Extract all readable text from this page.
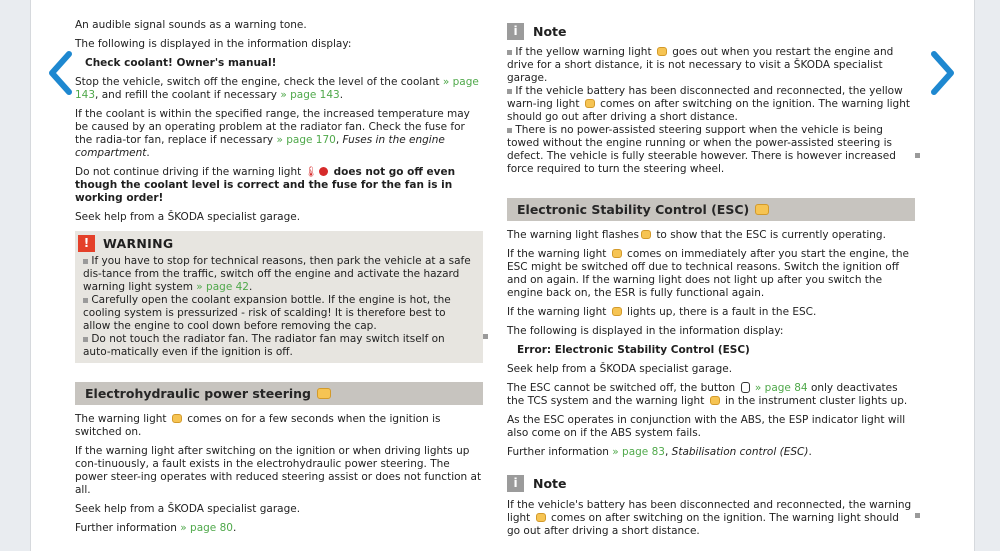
An audible signal sounds as a warning tone.

The following is displayed in the information display:

Check coolant! Owner's manual!

Stop the vehicle, switch off the engine, check the level of the coolant » page 143, and refill the coolant if necessary » page 143.

If the coolant is within the specified range, the increased temperature may be caused by an operating problem at the radiator fan. Check the fuse for the radia-tor fan, replace if necessary » page 170, Fuses in the engine compartment.

Do not continue driving if the warning light 🌡 does not go off even though the coolant level is correct and the fuse for the fan is in working order!

Seek help from a ŠKODA specialist garage.

!	WARNING

If you have to stop for technical reasons, then park the vehicle at a safe dis-tance from the traffic, switch off the engine and activate the hazard warning light system » page 42.

Carefully open the coolant expansion bottle. If the engine is hot, the cooling system is pressurized - risk of scalding! It is therefore best to allow the engine to cool down before removing the cap.

Do not touch the radiator fan. The radiator fan may switch itself on auto-matically even if the ignition is off.

Electrohydraulic power steering

The warning light comes on for a few seconds when the ignition is switched on.

If the warning light after switching on the ignition or when driving lights up con-tinuously, a fault exists in the electrohydraulic power steering. The power steer-ing operates with reduced steering assist or does not function at all.

Seek help from a ŠKODA specialist garage.

Further information » page 80.

i	Note

If the yellow warning light goes out when you restart the engine and drive for a short distance, it is not necessary to visit a ŠKODA specialist garage.

If the vehicle battery has been disconnected and reconnected, the yellow warn-ing light comes on after switching on the ignition. The warning light should go out after driving a short distance.

There is no power-assisted steering support when the vehicle is being towed without the engine running or when the power-assisted steering is defect. The vehicle is fully steerable however. There is however increased force required to turn the steering wheel.

Electronic Stability Control (ESC)

The warning light flashes to show that the ESC is currently operating.

If the warning light comes on immediately after you start the engine, the ESC might be switched off due to technical reasons. Switch the ignition off and on again. If the warning light does not light up after you switch the engine back on, the ESR is fully functional again.

If the warning light lights up, there is a fault in the ESC.

The following is displayed in the information display:

Error: Electronic Stability Control (ESC)

Seek help from a ŠKODA specialist garage.

The ESC cannot be switched off, the button » page 84 only deactivates the TCS system and the warning light in the instrument cluster lights up.

As the ESC operates in conjunction with the ABS, the ESP indicator light will also come on if the ABS system fails.

Further information » page 83, Stabilisation control (ESC).

i	Note

If the vehicle's battery has been disconnected and reconnected, the warning light comes on after switching on the ignition. The warning light should go out after driving a short distance.
